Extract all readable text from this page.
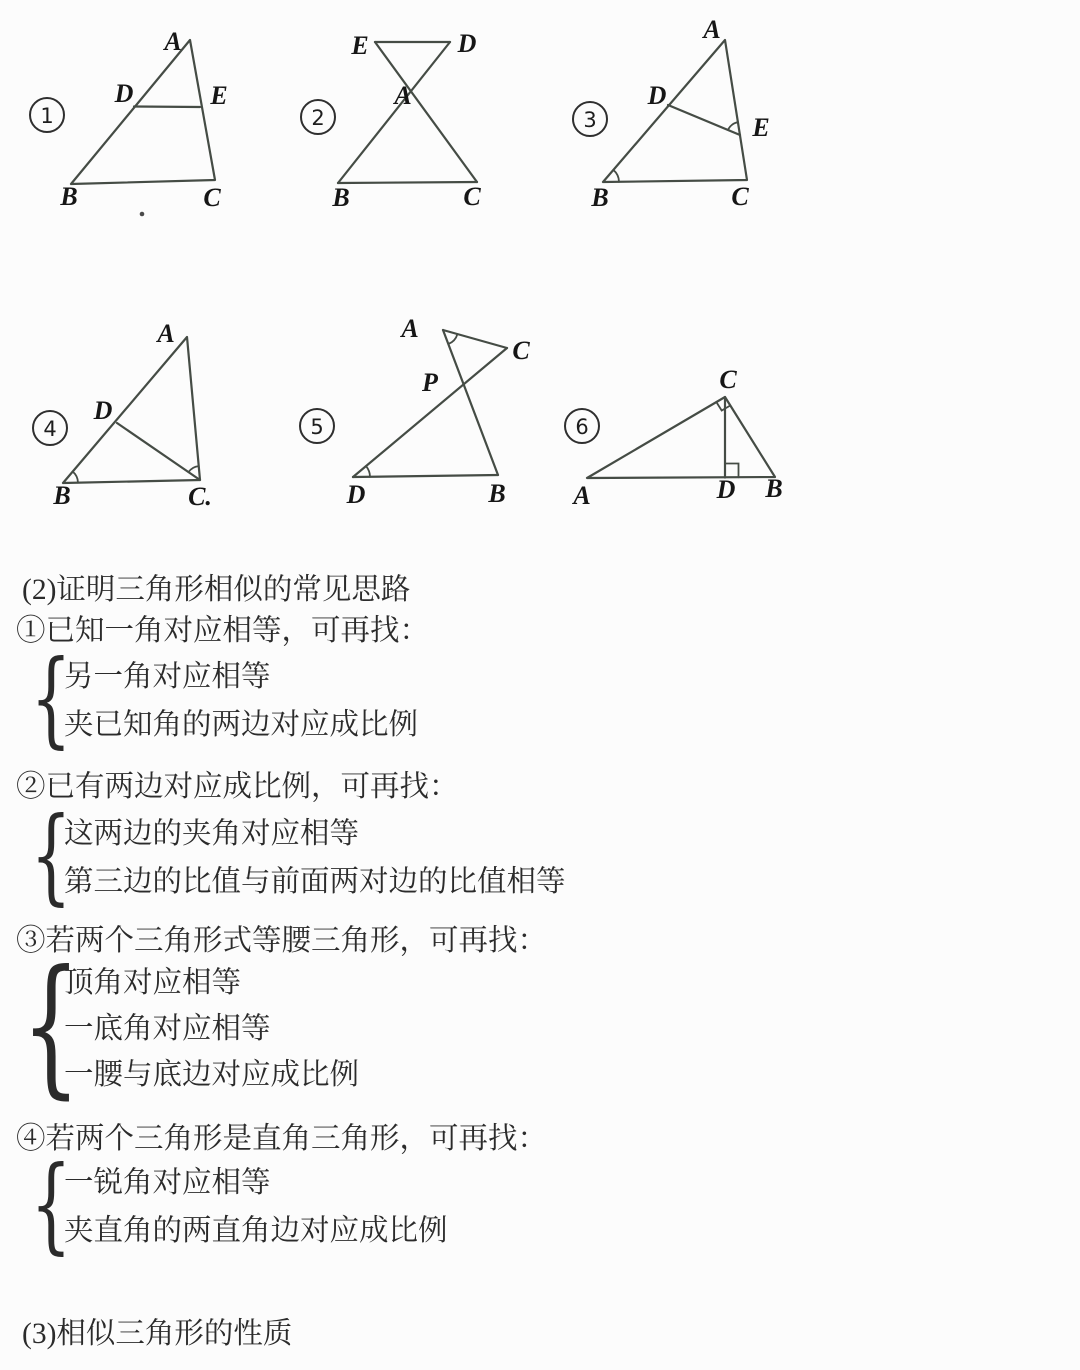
1
A
D	E
B	C
2
E	D
A
B	C
3
A
D
E
B	C
4
A
D
B	C.
5
A
C
P
D	B
6
C
A	D B
(2)证明三角形相似的常见思路
①已知一角对应相等，可再找：
{
另一角对应相等
夹已知角的两边对应成比例
②已有两边对应成比例，可再找：
{
这两边的夹角对应相等
第三边的比值与前面两对边的比值相等
③若两个三角形式等腰三角形，可再找：
{
顶角对应相等
一底角对应相等
一腰与底边对应成比例
④若两个三角形是直角三角形，可再找：
{
一锐角对应相等
夹直角的两直角边对应成比例
(3)相似三角形的性质
